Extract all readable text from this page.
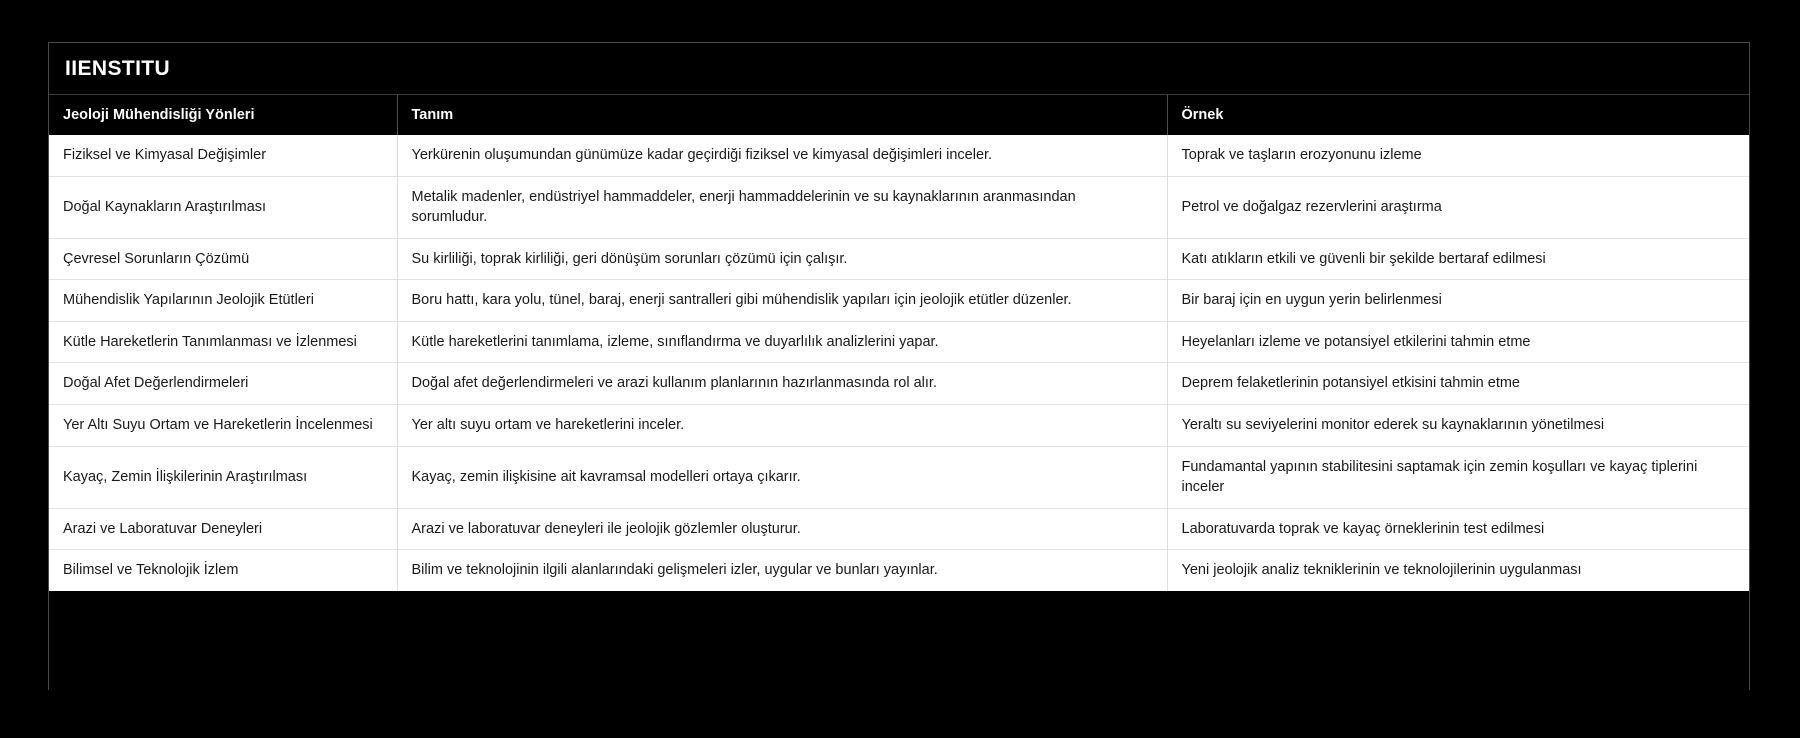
IIENSTITU
Jeoloji Mühendisliği Yönleri	Tanım	Örnek
Fiziksel ve Kimyasal Değişimler	Yerkürenin oluşumundan günümüze kadar geçirdiği fiziksel ve kimyasal değişimleri inceler.	Toprak ve taşların erozyonunu izleme
Doğal Kaynakların Araştırılması	Metalik madenler, endüstriyel hammaddeler, enerji hammaddelerinin ve su kaynaklarının aranmasından sorumludur.	Petrol ve doğalgaz rezervlerini araştırma
Çevresel Sorunların Çözümü	Su kirliliği, toprak kirliliği, geri dönüşüm sorunları çözümü için çalışır.	Katı atıkların etkili ve güvenli bir şekilde bertaraf edilmesi
Mühendislik Yapılarının Jeolojik Etütleri	Boru hattı, kara yolu, tünel, baraj, enerji santralleri gibi mühendislik yapıları için jeolojik etütler düzenler.	Bir baraj için en uygun yerin belirlenmesi
Kütle Hareketlerin Tanımlanması ve İzlenmesi	Kütle hareketlerini tanımlama, izleme, sınıflandırma ve duyarlılık analizlerini yapar.	Heyelanları izleme ve potansiyel etkilerini tahmin etme
Doğal Afet Değerlendirmeleri	Doğal afet değerlendirmeleri ve arazi kullanım planlarının hazırlanmasında rol alır.	Deprem felaketlerinin potansiyel etkisini tahmin etme
Yer Altı Suyu Ortam ve Hareketlerin İncelenmesi	Yer altı suyu ortam ve hareketlerini inceler.	Yeraltı su seviyelerini monitor ederek su kaynaklarının yönetilmesi
Kayaç, Zemin İlişkilerinin Araştırılması	Kayaç, zemin ilişkisine ait kavramsal modelleri ortaya çıkarır.	Fundamantal yapının stabilitesini saptamak için zemin koşulları ve kayaç tiplerini inceler
Arazi ve Laboratuvar Deneyleri	Arazi ve laboratuvar deneyleri ile jeolojik gözlemler oluşturur.	Laboratuvarda toprak ve kayaç örneklerinin test edilmesi
Bilimsel ve Teknolojik İzlem	Bilim ve teknolojinin ilgili alanlarındaki gelişmeleri izler, uygular ve bunları yayınlar.	Yeni jeolojik analiz tekniklerinin ve teknolojilerinin uygulanması
